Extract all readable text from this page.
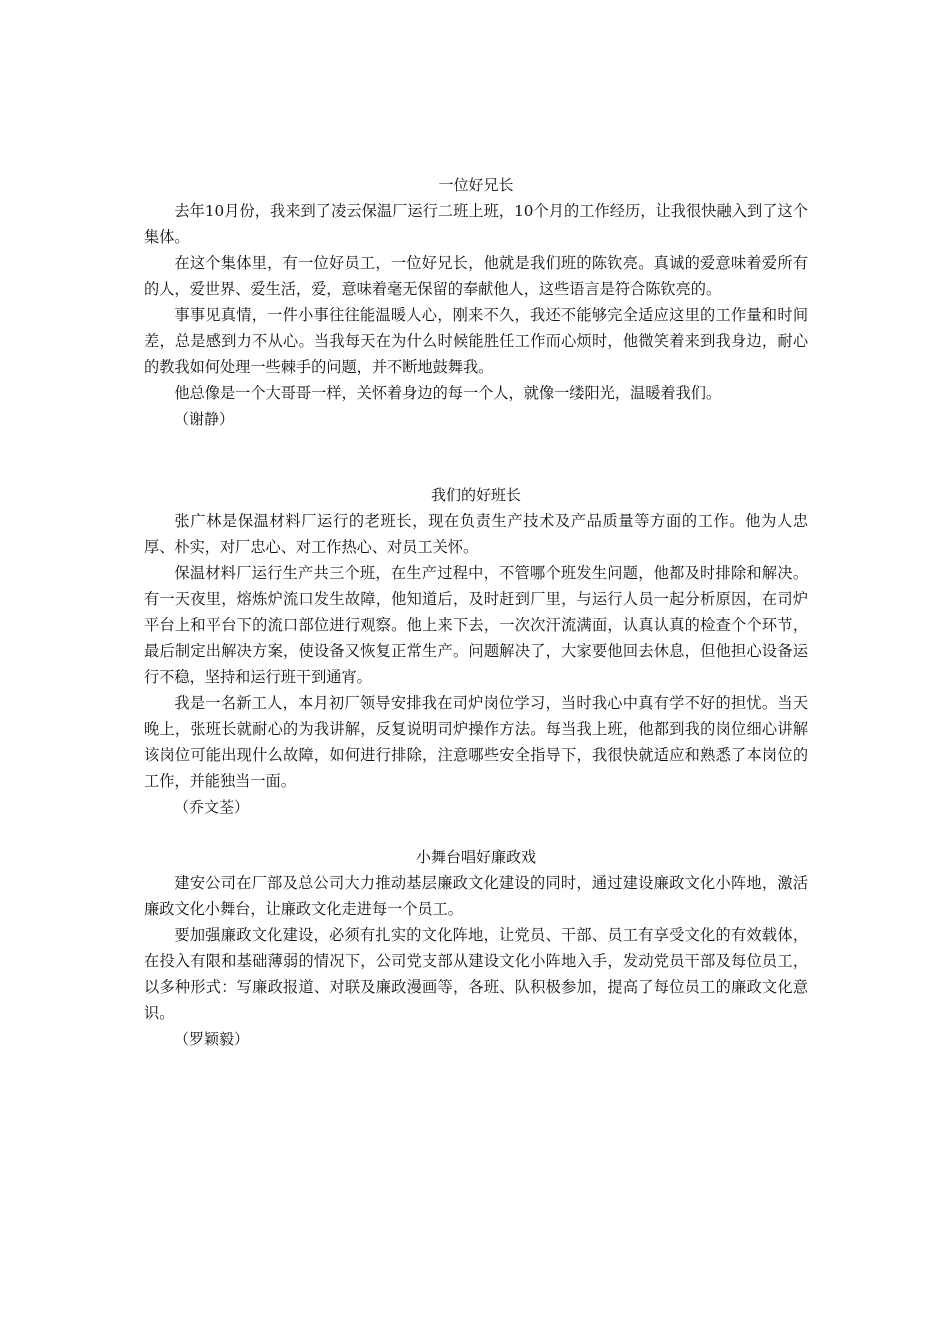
一位好兄长

去年10月份，我来到了凌云保温厂运行二班上班，10个月的工作经历，让我很快融入到了这个集体。

在这个集体里，有一位好员工，一位好兄长，他就是我们班的陈钦亮。真诚的爱意味着爱所有的人，爱世界、爱生活，爱，意味着毫无保留的奉献他人，这些语言是符合陈钦亮的。

事事见真情，一件小事往往能温暖人心，刚来不久，我还不能够完全适应这里的工作量和时间差，总是感到力不从心。当我每天在为什么时候能胜任工作而心烦时，他微笑着来到我身边，耐心的教我如何处理一些棘手的问题，并不断地鼓舞我。

他总像是一个大哥哥一样，关怀着身边的每一个人，就像一缕阳光，温暖着我们。

（谢静）

我们的好班长

张广林是保温材料厂运行的老班长，现在负责生产技术及产品质量等方面的工作。他为人忠厚、朴实，对厂忠心、对工作热心、对员工关怀。

保温材料厂运行生产共三个班，在生产过程中，不管哪个班发生问题，他都及时排除和解决。有一天夜里，熔炼炉流口发生故障，他知道后，及时赶到厂里，与运行人员一起分析原因，在司炉平台上和平台下的流口部位进行观察。他上来下去，一次次汗流满面，认真认真的检查个个环节，最后制定出解决方案，使设备又恢复正常生产。问题解决了，大家要他回去休息，但他担心设备运行不稳，坚持和运行班干到通宵。

我是一名新工人，本月初厂领导安排我在司炉岗位学习，当时我心中真有学不好的担忧。当天晚上，张班长就耐心的为我讲解，反复说明司炉操作方法。每当我上班，他都到我的岗位细心讲解该岗位可能出现什么故障，如何进行排除，注意哪些安全指导下，我很快就适应和熟悉了本岗位的工作，并能独当一面。

（乔文荃）

小舞台唱好廉政戏

建安公司在厂部及总公司大力推动基层廉政文化建设的同时，通过建设廉政文化小阵地，激活廉政文化小舞台，让廉政文化走进每一个员工。

要加强廉政文化建设，必须有扎实的文化阵地，让党员、干部、员工有享受文化的有效载体，在投入有限和基础薄弱的情况下，公司党支部从建设文化小阵地入手，发动党员干部及每位员工，以多种形式：写廉政报道、对联及廉政漫画等，各班、队积极参加，提高了每位员工的廉政文化意识。

（罗颖毅）
